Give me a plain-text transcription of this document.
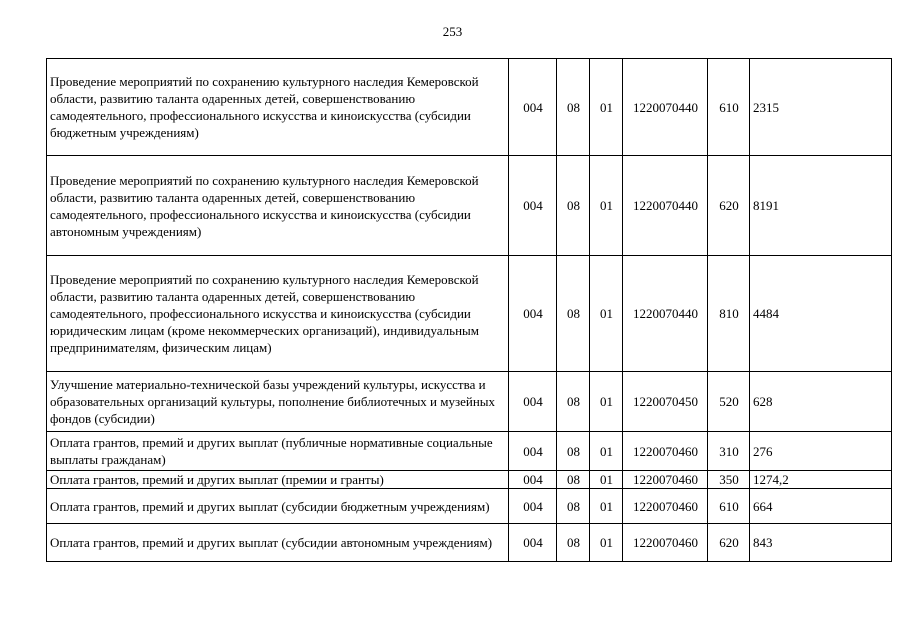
253
Проведение мероприятий по сохранению культурного наследия Кемеровской области, развитию таланта одаренных детей, совершенствованию самодеятельного, профессионального искусства и киноискусства (субсидии бюджетным учреждениям)	004	08	01	1220070440	610	2315
Проведение мероприятий по сохранению культурного наследия Кемеровской области, развитию таланта одаренных детей, совершенствованию самодеятельного, профессионального искусства и киноискусства (субсидии автономным учреждениям)	004	08	01	1220070440	620	8191
Проведение мероприятий по сохранению культурного наследия Кемеровской области, развитию таланта одаренных детей, совершенствованию самодеятельного, профессионального искусства и киноискусства (субсидии юридическим лицам (кроме некоммерческих организаций), индивидуальным предпринимателям, физическим лицам)	004	08	01	1220070440	810	4484
Улучшение материально-технической базы учреждений культуры, искусства и образовательных организаций культуры, пополнение библиотечных и музейных фондов (субсидии)	004	08	01	1220070450	520	628
Оплата грантов, премий и других выплат (публичные нормативные социальные выплаты гражданам)	004	08	01	1220070460	310	276
Оплата грантов, премий и других выплат (премии и гранты)	004	08	01	1220070460	350	1274,2
Оплата грантов, премий и других выплат (субсидии бюджетным учреждениям)	004	08	01	1220070460	610	664
Оплата грантов, премий и других выплат (субсидии автономным учреждениям)	004	08	01	1220070460	620	843
